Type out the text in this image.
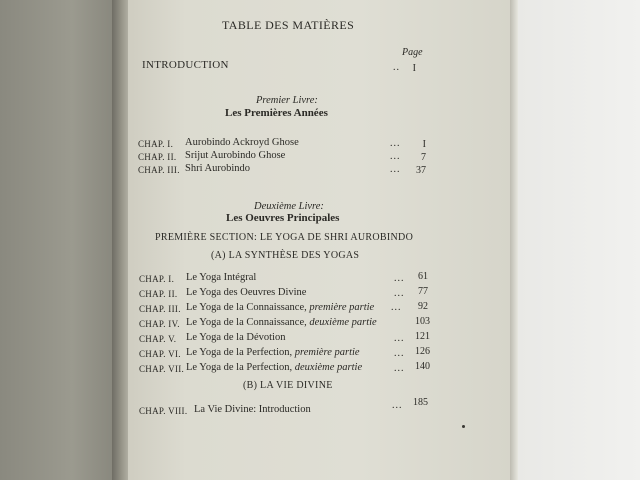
TABLE DES MATIÈRES
Page
INTRODUCTION	..	I
Premier Livre:
Les Premières Années
CHAP. I. Aurobindo Ackroyd Ghose	...	I
CHAP. II. Srijut Aurobindo Ghose	...	7
CHAP. III. Shri Aurobindo	...	37
Deuxième Livre:
Les Oeuvres Principales
PREMIÈRE SECTION: LE YOGA DE SHRI AUROBINDO
(A) LA SYNTHÈSE DES YOGAS
CHAP. I. Le Yoga Intégral	...	61
CHAP. II. Le Yoga des Oeuvres Divine	...	77
CHAP. III. Le Yoga de la Connaissance, première partie ...	92
CHAP. IV. Le Yoga de la Connaissance, deuxième partie	103
CHAP. V. Le Yoga de la Dévotion	...	121
CHAP. VI. Le Yoga de la Perfection, première partie	...	126
CHAP. VII. Le Yoga de la Perfection, deuxième partie	...	140
(B) LA VIE DIVINE
CHAP. VIII. La Vie Divine: Introduction	...	185
